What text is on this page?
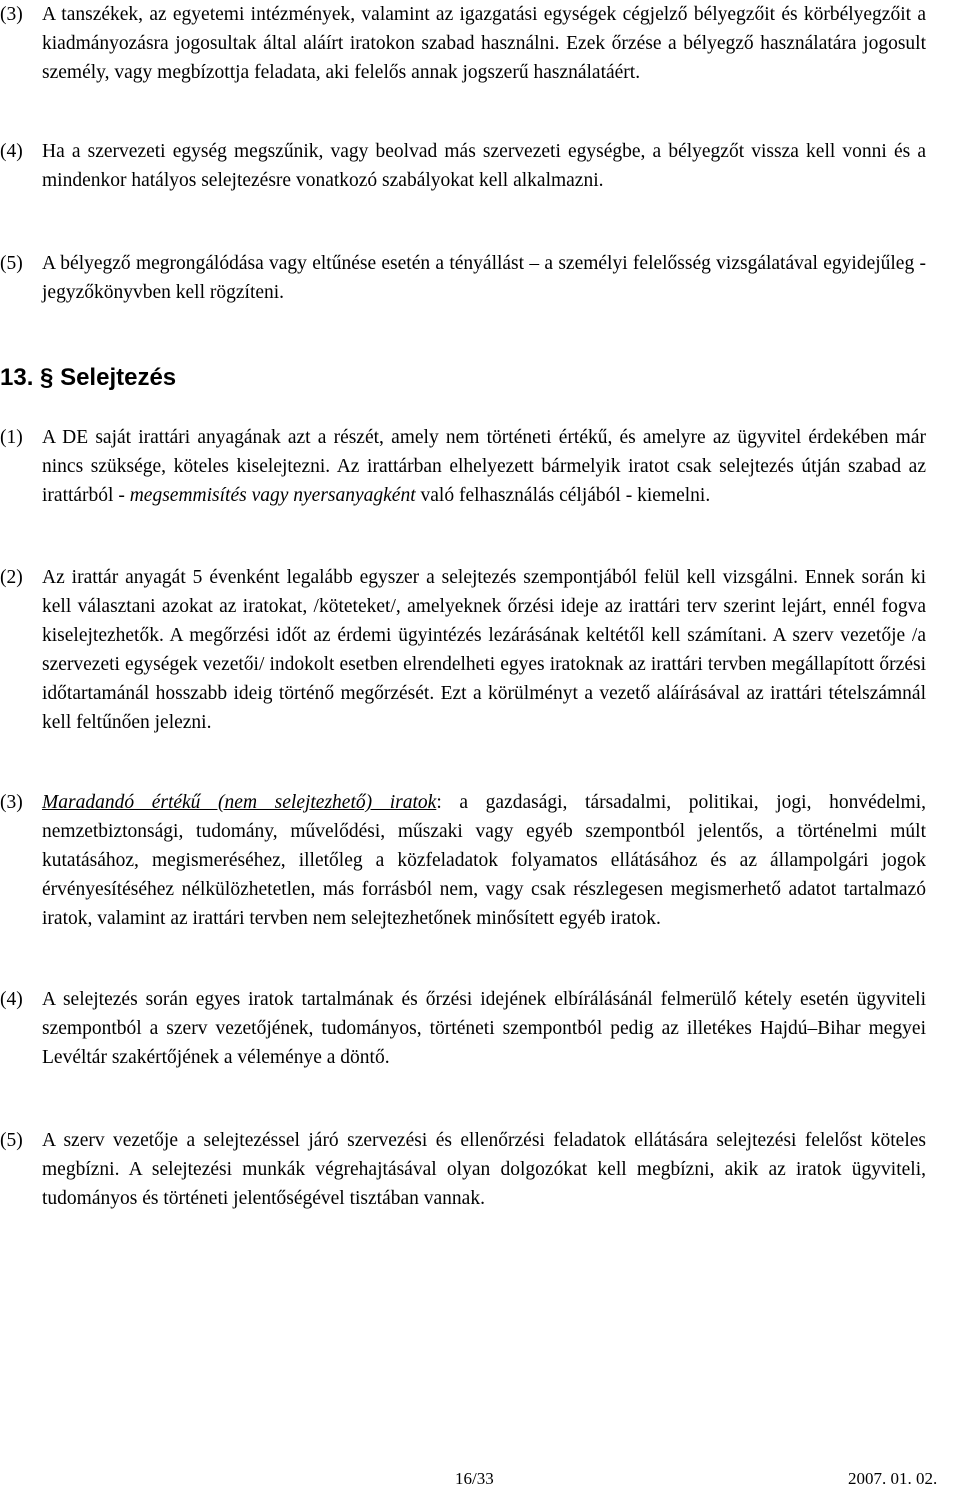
(3) A tanszékek, az egyetemi intézmények, valamint az igazgatási egységek cégjelző bélyegzőit és körbélyegzőit a kiadmányozásra jogosultak által aláírt iratokon szabad használni. Ezek őrzése a bélyegző használatára jogosult személy, vagy megbízottja feladata, aki felelős annak jogszerű használatáért.
(4) Ha a szervezeti egység megszűnik, vagy beolvad más szervezeti egységbe, a bélyegzőt vissza kell vonni és a mindenkor hatályos selejtezésre vonatkozó szabályokat kell alkalmazni.
(5) A bélyegző megrongálódása vagy eltűnése esetén a tényállást – a személyi felelősség vizsgálatával egyidejűleg - jegyzőkönyvben kell rögzíteni.
13. § Selejtezés
(1) A DE saját irattári anyagának azt a részét, amely nem történeti értékű, és amelyre az ügyvitel érdekében már nincs szüksége, köteles kiselejtezni. Az irattárban elhelyezett bármelyik iratot csak selejtezés útján szabad az irattárból - megsemmisítés vagy nyersanyagként való felhasználás céljából - kiemelni.
(2) Az irattár anyagát 5 évenként legalább egyszer a selejtezés szempontjából felül kell vizsgálni. Ennek során ki kell választani azokat az iratokat, /köteteket/, amelyeknek őrzési ideje az irattári terv szerint lejárt, ennél fogva kiselejtezhetők. A megőrzési időt az érdemi ügyintézés lezárásának keltétől kell számítani. A szerv vezetője /a szervezeti egységek vezetői/ indokolt esetben elrendelheti egyes iratoknak az irattári tervben megállapított őrzési időtartamánál hosszabb ideig történő megőrzését. Ezt a körülményt a vezető aláírásával az irattári tételszámnál kell feltűnően jelezni.
(3) Maradandó értékű (nem selejtezhető) iratok: a gazdasági, társadalmi, politikai, jogi, honvédelmi, nemzetbiztonsági, tudomány, művelődési, műszaki vagy egyéb szempontból jelentős, a történelmi múlt kutatásához, megismeréséhez, illetőleg a közfeladatok folyamatos ellátásához és az állampolgári jogok érvényesítéséhez nélkülözhetetlen, más forrásból nem, vagy csak részlegesen megismerhető adatot tartalmazó iratok, valamint az irattári tervben nem selejtezhetőnek minősített egyéb iratok.
(4) A selejtezés során egyes iratok tartalmának és őrzési idejének elbírálásánál felmerülő kétely esetén ügyviteli szempontból a szerv vezetőjének, tudományos, történeti szempontból pedig az illetékes Hajdú–Bihar megyei Levéltár szakértőjének a véleménye a döntő.
(5) A szerv vezetője a selejtezéssel járó szervezési és ellenőrzési feladatok ellátására selejtezési felelőst köteles megbízni. A selejtezési munkák végrehajtásával olyan dolgozókat kell megbízni, akik az iratok ügyviteli, tudományos és történeti jelentőségével tisztában vannak.
16/33	2007. 01. 02.
